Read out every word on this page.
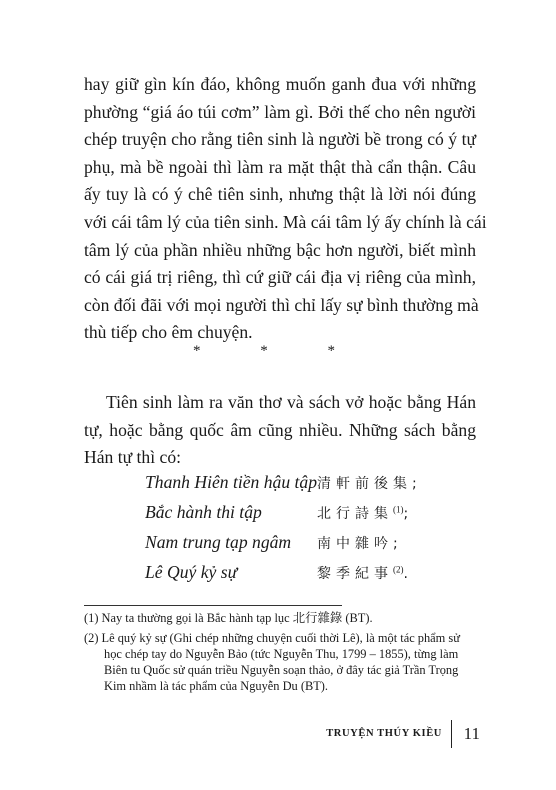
hay giữ gìn kín đáo, không muốn ganh đua với những
phường “giá áo túi cơm” làm gì. Bởi thế cho nên người
chép truyện cho rằng tiên sinh là người bề trong có ý tự
phụ, mà bề ngoài thì làm ra mặt thật thà cẩn thận. Câu
ấy tuy là có ý chê tiên sinh, nhưng thật là lời nói đúng
với cái tâm lý của tiên sinh. Mà cái tâm lý ấy chính là cái
tâm lý của phần nhiều những bậc hơn người, biết mình
có cái giá trị riêng, thì cứ giữ cái địa vị riêng của mình,
còn đối đãi với mọi người thì chỉ lấy sự bình thường mà
thù tiếp cho êm chuyện.
* * *
Tiên sinh làm ra văn thơ và sách vở hoặc bằng Hán
tự, hoặc bằng quốc âm cũng nhiều. Những sách bằng
Hán tự thì có:
Thanh Hiên tiền hậu tập 清軒前後集;
Bắc hành thi tập	北行詩集$^{(1)}$;
Nam trung tạp ngâm 南中雜吟;
Lê Quý kỷ sự	黎季紀事$^{(2)}$.
(1) Nay ta thường gọi là Bắc hành tạp lục 北行雜錄 (BT).
(2) Lê quý kỷ sự (Ghi chép những chuyện cuối thời Lê), là một tác phẩm sử
học chép tay do Nguyễn Bảo (tức Nguyễn Thu, 1799 – 1855), từng làm
Biên tu Quốc sử quán triều Nguyễn soạn thảo, ở đây tác giả Trần Trọng
Kim nhầm là tác phẩm của Nguyễn Du (BT).
TRUYỆN THÚY KIỀU 11
